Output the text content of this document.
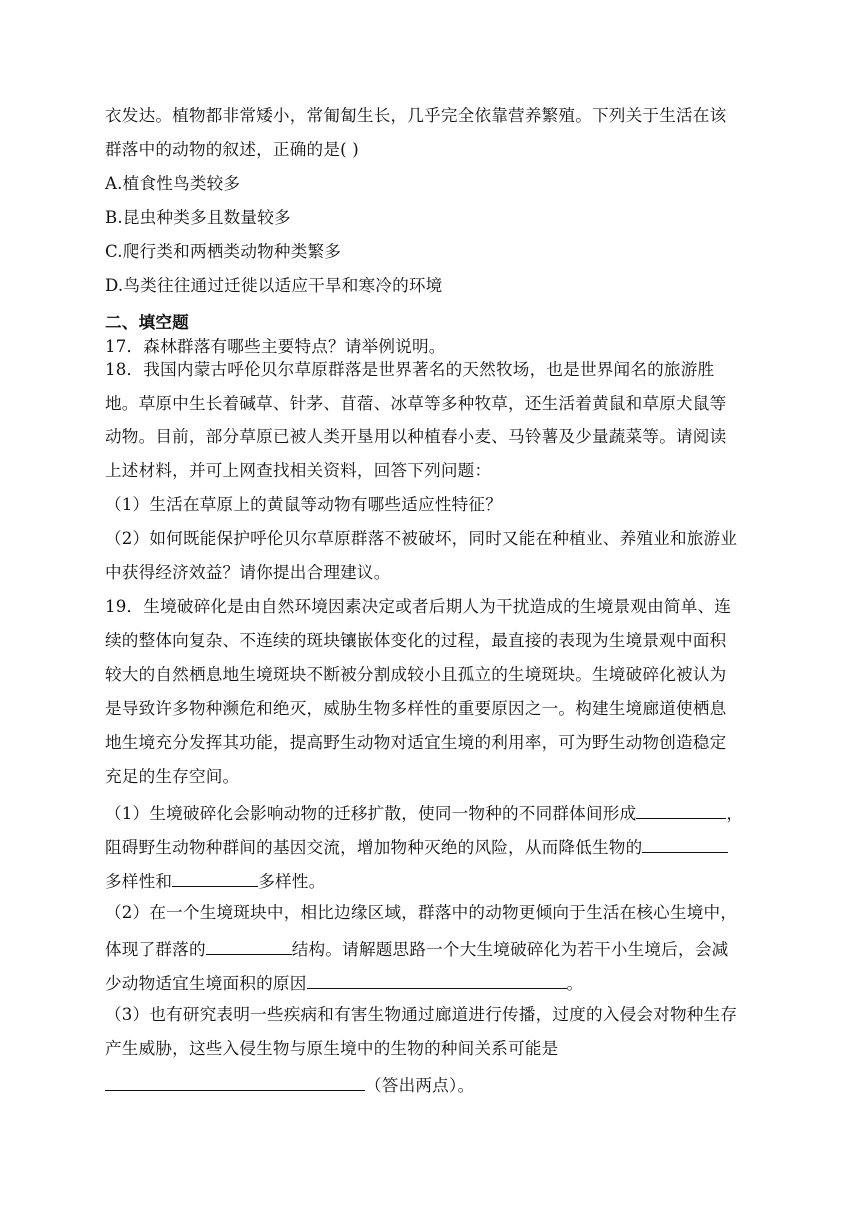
衣发达。植物都非常矮小，常匍匐生长，几乎完全依靠营养繁殖。下列关于生活在该
群落中的动物的叙述，正确的是( )
A.植食性鸟类较多
B.昆虫种类多且数量较多
C.爬行类和两栖类动物种类繁多
D.鸟类往往通过迁徙以适应干旱和寒冷的环境
二、填空题
17．森林群落有哪些主要特点？请举例说明。
18．我国内蒙古呼伦贝尔草原群落是世界著名的天然牧场，也是世界闻名的旅游胜
地。草原中生长着碱草、针茅、苜蓿、冰草等多种牧草，还生活着黄鼠和草原犬鼠等
动物。目前，部分草原已被人类开垦用以种植春小麦、马铃薯及少量蔬菜等。请阅读
上述材料，并可上网查找相关资料，回答下列问题：
（1）生活在草原上的黄鼠等动物有哪些适应性特征？
（2）如何既能保护呼伦贝尔草原群落不被破坏，同时又能在种植业、养殖业和旅游业
中获得经济效益？请你提出合理建议。
19．生境破碎化是由自然环境因素决定或者后期人为干扰造成的生境景观由简单、连
续的整体向复杂、不连续的斑块镶嵌体变化的过程，最直接的表现为生境景观中面积
较大的自然栖息地生境斑块不断被分割成较小且孤立的生境斑块。生境破碎化被认为
是导致许多物种濒危和绝灭，威胁生物多样性的重要原因之一。构建生境廊道使栖息
地生境充分发挥其功能，提高野生动物对适宜生境的利用率，可为野生动物创造稳定
充足的生存空间。
（1）生境破碎化会影响动物的迁移扩散，使同一物种的不同群体间形成	，
阻碍野生动物种群间的基因交流，增加物种灭绝的风险，从而降低生物的
多样性和	多样性。
（2）在一个生境斑块中，相比边缘区域，群落中的动物更倾向于生活在核心生境中，
体现了群落的	结构。请解题思路一个大生境破碎化为若干小生境后，会减
少动物适宜生境面积的原因	。
（3）也有研究表明一些疾病和有害生物通过廊道进行传播，过度的入侵会对物种生存
产生威胁，这些入侵生物与原生境中的生物的种间关系可能是
（答出两点）。
